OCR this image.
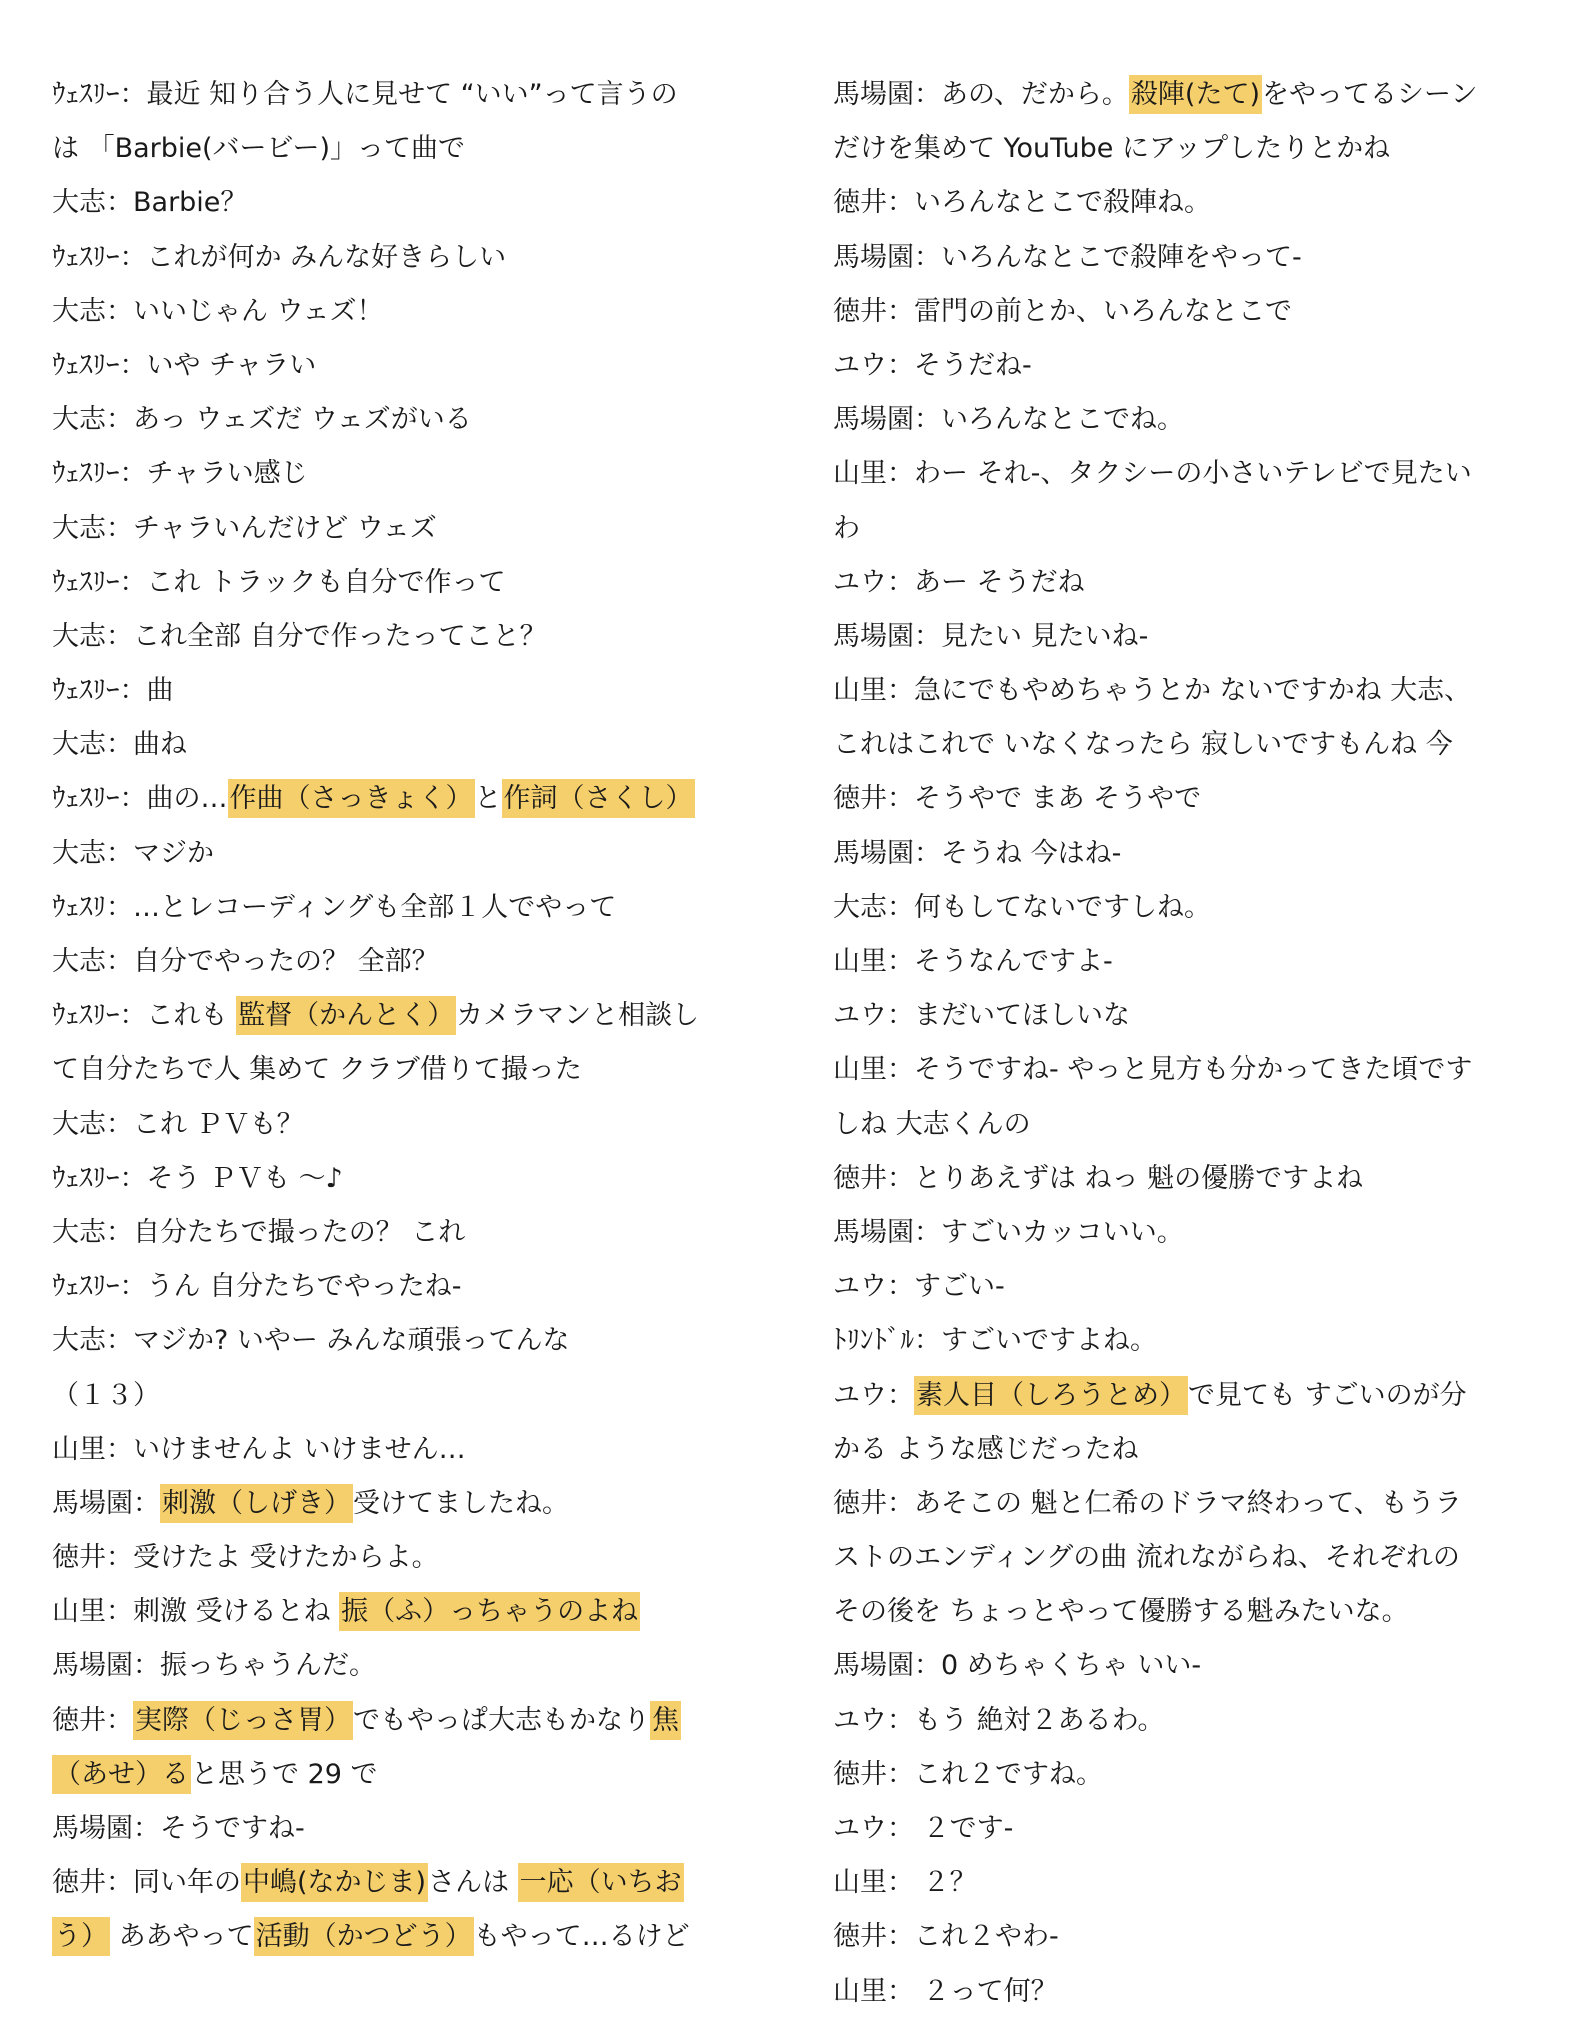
ｳｪｽﾘｰ：最近 知り合う人に見せて “いい”って言うの
は 「Barbie(バービー)」って曲で
大志：Barbie？
ｳｪｽﾘｰ：これが何か みんな好きらしい
大志：いいじゃん ウェズ！
ｳｪｽﾘｰ：いや チャラい
大志：あっ ウェズだ ウェズがいる
ｳｪｽﾘｰ：チャラい感じ
大志：チャラいんだけど ウェズ
ｳｪｽﾘｰ：これ トラックも自分で作って
大志：これ全部 自分で作ったってこと？
ｳｪｽﾘｰ：曲
大志：曲ね
ｳｪｽﾘｰ：曲の…作曲（さっきょく）と作詞（さくし）
大志：マジか
ｳｪｽﾘ：…とレコーディングも全部１人でやって
大志：自分でやったの？ 全部？
ｳｪｽﾘｰ：これも 監督（かんとく）カメラマンと相談し
て自分たちで人 集めて クラブ借りて撮った
大志：これ ＰＶも？
ｳｪｽﾘｰ：そう ＰＶも ～♪
大志：自分たちで撮ったの？ これ
ｳｪｽﾘｰ：うん 自分たちでやったね-
大志：マジか? いやー みんな頑張ってんな
（１３）
山里：いけませんよ いけません…
馬場園：刺激（しげき）受けてましたね。
徳井：受けたよ 受けたからよ。
山里：刺激 受けるとね 振（ふ）っちゃうのよね
馬場園：振っちゃうんだ。
徳井：実際（じっさ胃）でもやっぱ大志もかなり焦
（あせ）ると思うで 29 で
馬場園：そうですね-
徳井：同い年の中嶋(なかじま)さんは 一応（いちお
う） ああやって活動（かつどう）もやって…るけど
馬場園：あの、だから。殺陣(たて)をやってるシーン
だけを集めて YouTube にアップしたりとかね
徳井：いろんなとこで殺陣ね。
馬場園：いろんなとこで殺陣をやって-
徳井：雷門の前とか、いろんなとこで
ユウ：そうだね-
馬場園：いろんなとこでね。
山里：わー それ-、タクシーの小さいテレビで見たい
わ
ユウ：あー そうだね
馬場園：見たい 見たいね-
山里：急にでもやめちゃうとか ないですかね 大志、
これはこれで いなくなったら 寂しいですもんね 今
徳井：そうやで まあ そうやで
馬場園：そうね 今はね-
大志：何もしてないですしね。
山里：そうなんですよ-
ユウ：まだいてほしいな
山里：そうですね- やっと見方も分かってきた頃です
しね 大志くんの
徳井：とりあえずは ねっ 魁の優勝ですよね
馬場園：すごいカッコいい。
ユウ：すごい-
ﾄﾘﾝﾄﾞﾙ：すごいですよね。
ユウ：素人目（しろうとめ）で見ても すごいのが分
かる ような感じだったね
徳井：あそこの 魁と仁希のドラマ終わって、もうラ
ストのエンディングの曲 流れながらね、それぞれの
その後を ちょっとやって優勝する魁みたいな。
馬場園：0 めちゃくちゃ いい-
ユウ：もう 絶対２あるわ。
徳井：これ２ですね。
ユウ： ２です-
山里： ２？
徳井：これ２やわ-
山里： ２って何？
